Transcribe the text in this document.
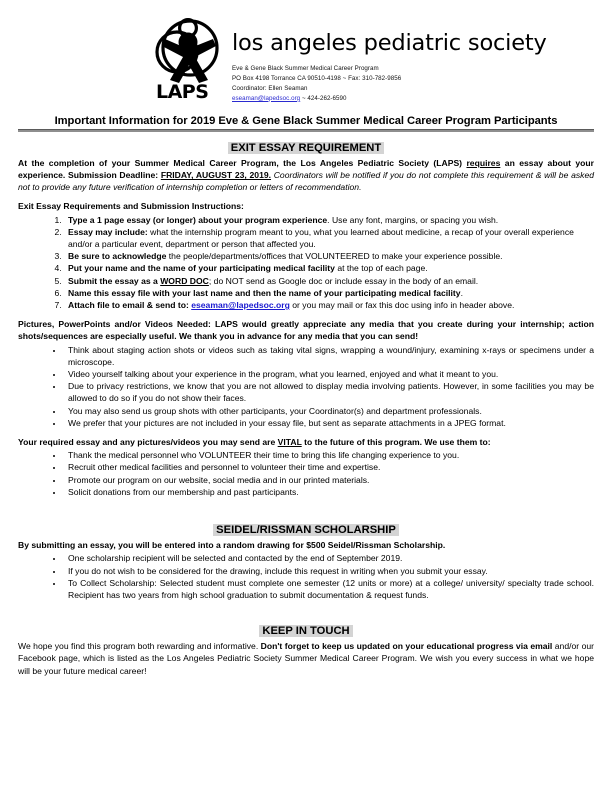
LAPS
los angeles pediatric society
Eve & Gene Black Summer Medical Career Program
PO Box 4198 Torrance CA 90510-4198 ~ Fax: 310-782-9856
Coordinator: Ellen Seaman
eseaman@lapedsoc.org ~ 424-262-6590
Important Information for 2019 Eve & Gene Black Summer Medical Career Program Participants
EXIT ESSAY REQUIREMENT

At the completion of your Summer Medical Career Program, the Los Angeles Pediatric Society (LAPS) requires an essay about your experience. Submission Deadline: FRIDAY, AUGUST 23, 2019. Coordinators will be notified if you do not complete this requirement & will be asked not to provide any future verification of internship completion or letters of recommendation.

Exit Essay Requirements and Submission Instructions:

1. Type a 1 page essay (or longer) about your program experience. Use any font, margins, or spacing you wish.
2. Essay may include: what the internship program meant to you, what you learned about medicine, a recap of your overall experience and/or a particular event, department or person that affected you.
3. Be sure to acknowledge the people/departments/offices that VOLUNTEERED to make your experience possible.
4. Put your name and the name of your participating medical facility at the top of each page.
5. Submit the essay as a WORD DOC; do NOT send as Google doc or include essay in the body of an email.
6. Name this essay file with your last name and then the name of your participating medical facility.
7. Attach file to email & send to: eseaman@lapedsoc.org or you may mail or fax this doc using info in header above.

Pictures, PowerPoints and/or Videos Needed: LAPS would greatly appreciate any media that you create during your internship; action shots/sequences are especially useful. We thank you in advance for any media that you can send!

• Think about staging action shots or videos such as taking vital signs, wrapping a wound/injury, examining x-rays or specimens under a microscope.
• Video yourself talking about your experience in the program, what you learned, enjoyed and what it meant to you.
• Due to privacy restrictions, we know that you are not allowed to display media involving patients. However, in some facilities you may be allowed to do so if you do not show their faces.
• You may also send us group shots with other participants, your Coordinator(s) and department professionals.
• We prefer that your pictures are not included in your essay file, but sent as separate attachments in a JPEG format.

Your required essay and any pictures/videos you may send are VITAL to the future of this program. We use them to:

• Thank the medical personnel who VOLUNTEER their time to bring this life changing experience to you.
• Recruit other medical facilities and personnel to volunteer their time and expertise.
• Promote our program on our website, social media and in our printed materials.
• Solicit donations from our membership and past participants.
SEIDEL/RISSMAN SCHOLARSHIP

By submitting an essay, you will be entered into a random drawing for $500 Seidel/Rissman Scholarship.

• One scholarship recipient will be selected and contacted by the end of September 2019.
• If you do not wish to be considered for the drawing, include this request in writing when you submit your essay.
• To Collect Scholarship: Selected student must complete one semester (12 units or more) at a college/ university/ specialty trade school. Recipient has two years from high school graduation to submit documentation & request funds.
KEEP IN TOUCH

We hope you find this program both rewarding and informative. Don't forget to keep us updated on your educational progress via email and/or our Facebook page, which is listed as the Los Angeles Pediatric Society Summer Medical Career Program. We wish you every success in what we hope will be your future medical career!
